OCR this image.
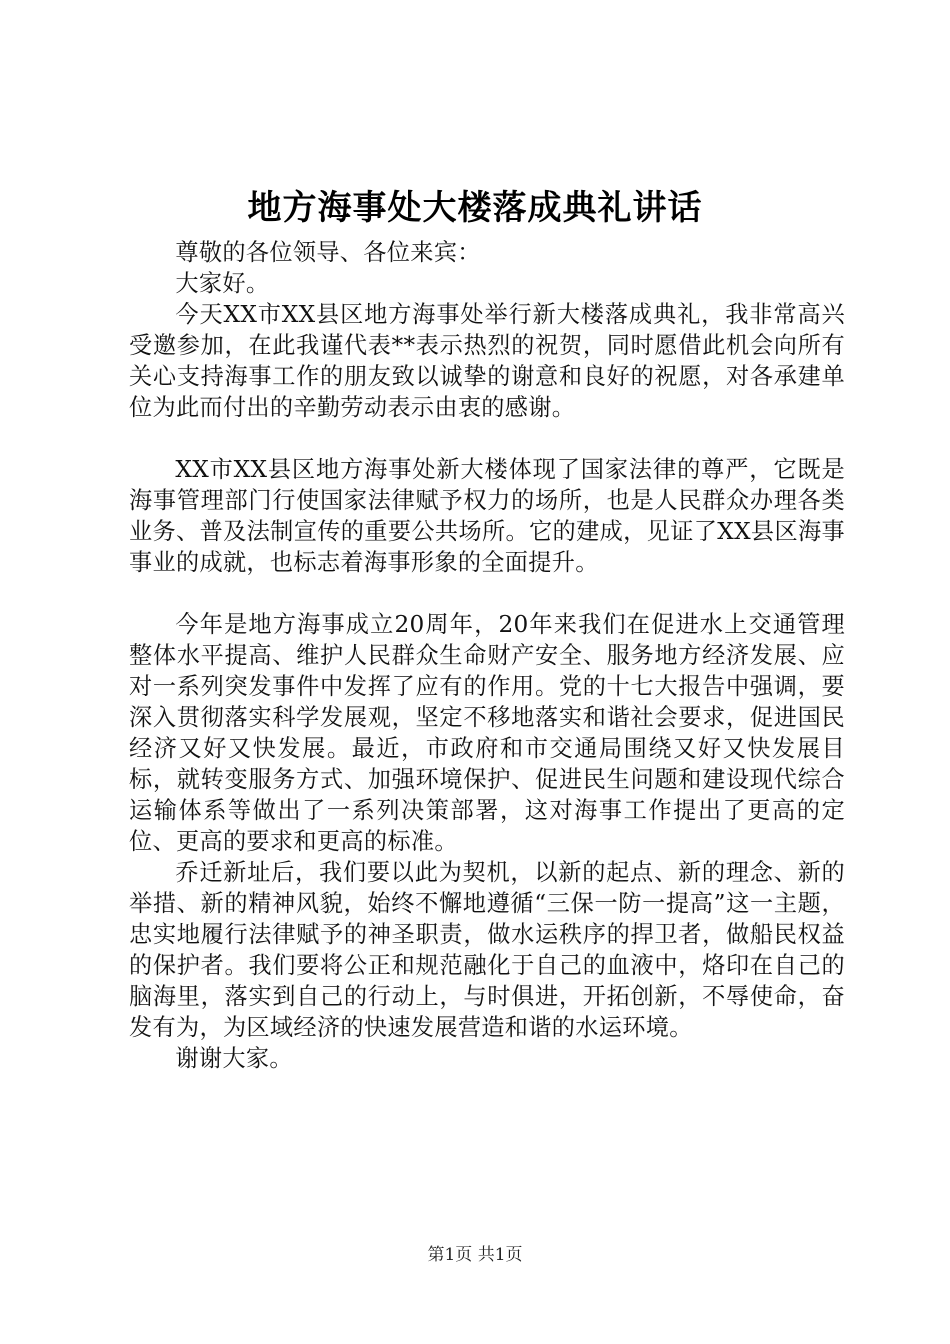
地方海事处大楼落成典礼讲话

尊敬的各位领导、各位来宾：

大家好。

今天XX市XX县区地方海事处举行新大楼落成典礼，我非常高兴受邀参加，在此我谨代表**表示热烈的祝贺，同时愿借此机会向所有关心支持海事工作的朋友致以诚挚的谢意和良好的祝愿，对各承建单位为此而付出的辛勤劳动表示由衷的感谢。

XX市XX县区地方海事处新大楼体现了国家法律的尊严，它既是海事管理部门行使国家法律赋予权力的场所，也是人民群众办理各类业务、普及法制宣传的重要公共场所。它的建成，见证了XX县区海事事业的成就，也标志着海事形象的全面提升。

今年是地方海事成立20周年，20年来我们在促进水上交通管理整体水平提高、维护人民群众生命财产安全、服务地方经济发展、应对一系列突发事件中发挥了应有的作用。党的十七大报告中强调，要深入贯彻落实科学发展观，坚定不移地落实和谐社会要求，促进国民经济又好又快发展。最近，市政府和市交通局围绕又好又快发展目标，就转变服务方式、加强环境保护、促进民生问题和建设现代综合运输体系等做出了一系列决策部署，这对海事工作提出了更高的定位、更高的要求和更高的标准。

乔迁新址后，我们要以此为契机，以新的起点、新的理念、新的举措、新的精神风貌，始终不懈地遵循“三保一防一提高”这一主题，忠实地履行法律赋予的神圣职责，做水运秩序的捍卫者，做船民权益的保护者。我们要将公正和规范融化于自己的血液中，烙印在自己的脑海里，落实到自己的行动上，与时俱进，开拓创新，不辱使命，奋发有为，为区域经济的快速发展营造和谐的水运环境。

谢谢大家。

第1页 共1页
